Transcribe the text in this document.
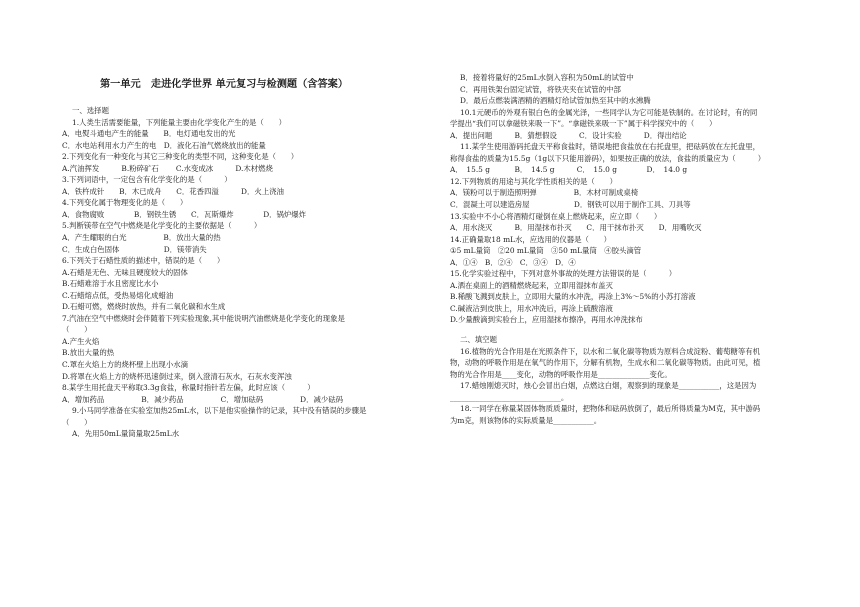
第一单元　走进化学世界 单元复习与检测题（含答案）
一、选择题
1.人类生活需要能量，下列能量主要由化学变化产生的是（　　）
A．电熨斗通电产生的能量　　B．电灯通电发出的光
C．水电站利用水力产生的电　D．液化石油气燃烧放出的能量
2.下列变化有一种变化与其它三种变化的类型不同，这种变化是（　　）
A.汽油挥发　　　B.粉碎矿石　　 C.水变成冰　　　D.木材燃烧
3.下列词语中，一定包含有化学变化的是（　　　）
A．铁杵成针　　B．木已成舟　　C．花香四溢　　　D．火上浇油
4.下列变化属于物理变化的是（　　）
A．食物腐败　　　　B．钢铁生锈　　C．瓦斯爆炸　　　　D．锅炉爆炸
5.判断镁带在空气中燃烧是化学变化的主要依据是（　　　）
A．产生耀眼的白光　　　　　B．放出大量的热
C．生成白色固体　　　　　　D．镁带消失
6.下列关于石蜡性质的描述中，错误的是（　　）
A.石蜡是无色、无味且硬度较大的固体
B.石蜡难溶于水且密度比水小
C.石蜡熔点低，受热易熔化成蜡油
D.石蜡可燃，燃烧时放热，并有二氧化碳和水生成
7.汽油在空气中燃烧时会伴随着下列实验现象,其中能说明汽油燃烧是化学变化的现象是
（　　）
A.产生火焰
B.放出大量的热
C.罩在火焰上方的烧杯壁上出现小水滴
D.将罩在火焰上方的烧杯迅速倒过来，倒入澄清石灰水，石灰水变浑浊
8.某学生用托盘天平称取3.3g食盐，称量时指针若左偏，此时应该（　　　）
A．增加药品　　　　　B．减少药品　　　　　C．增加砝码　　　　　D．减少砝码
9.小马同学准备在实验室加热25mL水，以下是他实验操作的记录，其中没有错误的步骤是
（　　）
A．先用50mL量筒量取25mL水
B．接着将量好的25mL水倒入容积为50mL的试管中
C．再用铁架台固定试管，将铁夹夹在试管的中部
D．最后点燃装满酒精的酒精灯给试管加热至其中的水沸腾
10.1元硬币的外观有银白色的金属光泽，一些同学认为它可能是铁制的。在讨论时，有的同
学提出“我们可以拿磁铁来吸一下”。“拿磁铁来吸一下”属于科学探究中的（　　）
A．提出问题　　　B．猜想假设　　　C．设计实验　　　D．得出结论
11.某学生使用游码托盘天平称食盐时，错误地把食盐放在右托盘里，把砝码放在左托盘里，
称得食盐的质量为15.5g（1g以下只能用游码），如果按正确的放法，食盐的质量应为（　　　）
A．　15.5 g　　　 B．　14.5 g　　　C．　15.0 g　　　　D．　14.0 g
12.下列物质的用途与其化学性质相关的是（　　）
A．镁粉可以于制造照明弹　　　　　B．木材可制成桌椅
C．混凝土可以建造房屋　　　　　　D．钢铁可以用于制作工具、刀具等
13.实验中不小心将酒精灯碰倒在桌上燃烧起来，应立即（　　）
A．用水浇灭　　　B．用湿抹布扑灭　　C．用干抹布扑灭　　D．用嘴吹灭
14.正确量取18 mL水，应选用的仪器是（　　）
①5 mL量筒　②20 mL量筒　③50 mL量筒　④胶头滴管
A．①④　B．②④　C．③④　D．④
15.化学实验过程中，下列对意外事故的处理方法错误的是（　　　）
A.洒在桌面上的酒精燃烧起来，立即用湿抹布盖灭
B.稀酸飞溅到皮肤上，立即用大量的水冲洗，再涂上3%～5%的小苏打溶液
C.碱液沾到皮肤上，用水冲洗后，再涂上硫酸溶液
D.少量酸滴到实验台上，应用湿抹布擦净，再用水冲洗抹布
二、填空题
16.植物的光合作用是在光照条件下，以水和二氧化碳等物质为原料合成淀粉、葡萄糖等有机
物，动物的呼吸作用是在氧气的作用下，分解有机物，生成水和二氧化碳等物质。由此可见，植
物的光合作用是____变化，动物的呼吸作用是______________变化。
17.蜡烛刚熄灭时，烛心会冒出白烟，点燃这白烟，观察到的现象是___________，这是因为
______________________________。
18.一同学在称量某固体物质质量时，把物体和砝码放倒了，最后所得质量为M克，其中游码
为m克，则该物体的实际质量是___________。
